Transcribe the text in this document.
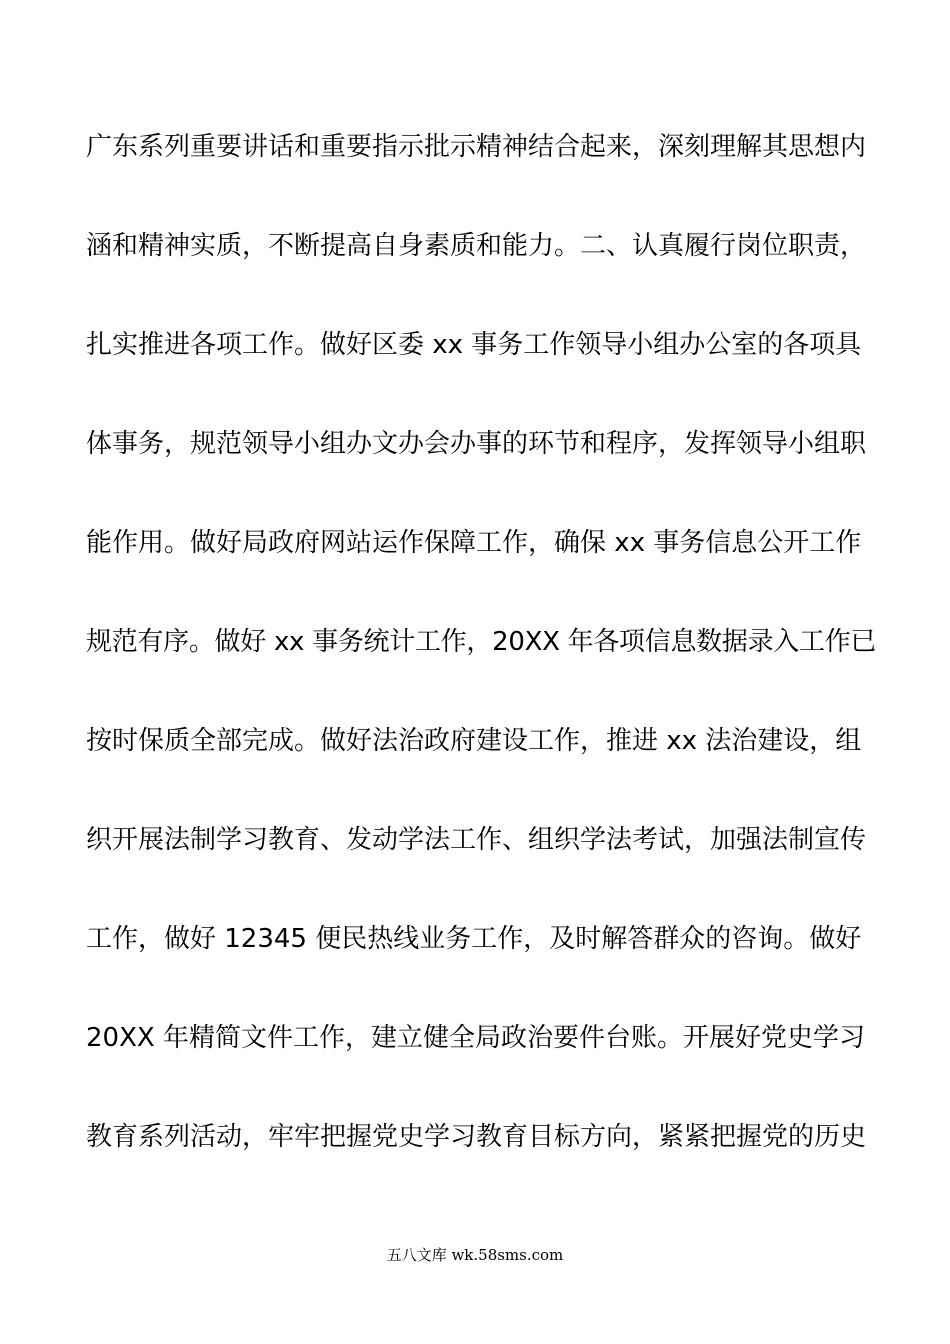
广东系列重要讲话和重要指示批示精神结合起来，深刻理解其思想内
涵和精神实质，不断提高自身素质和能力。二、认真履行岗位职责，
扎实推进各项工作。做好区委 xx 事务工作领导小组办公室的各项具
体事务，规范领导小组办文办会办事的环节和程序，发挥领导小组职
能作用。做好局政府网站运作保障工作，确保 xx 事务信息公开工作
规范有序。做好 xx 事务统计工作，20XX 年各项信息数据录入工作已
按时保质全部完成。做好法治政府建设工作，推进 xx 法治建设，组
织开展法制学习教育、发动学法工作、组织学法考试，加强法制宣传
工作，做好 12345 便民热线业务工作，及时解答群众的咨询。做好
20XX 年精简文件工作，建立健全局政治要件台账。开展好党史学习
教育系列活动，牢牢把握党史学习教育目标方向，紧紧把握党的历史
五八文库 wk.58sms.com
